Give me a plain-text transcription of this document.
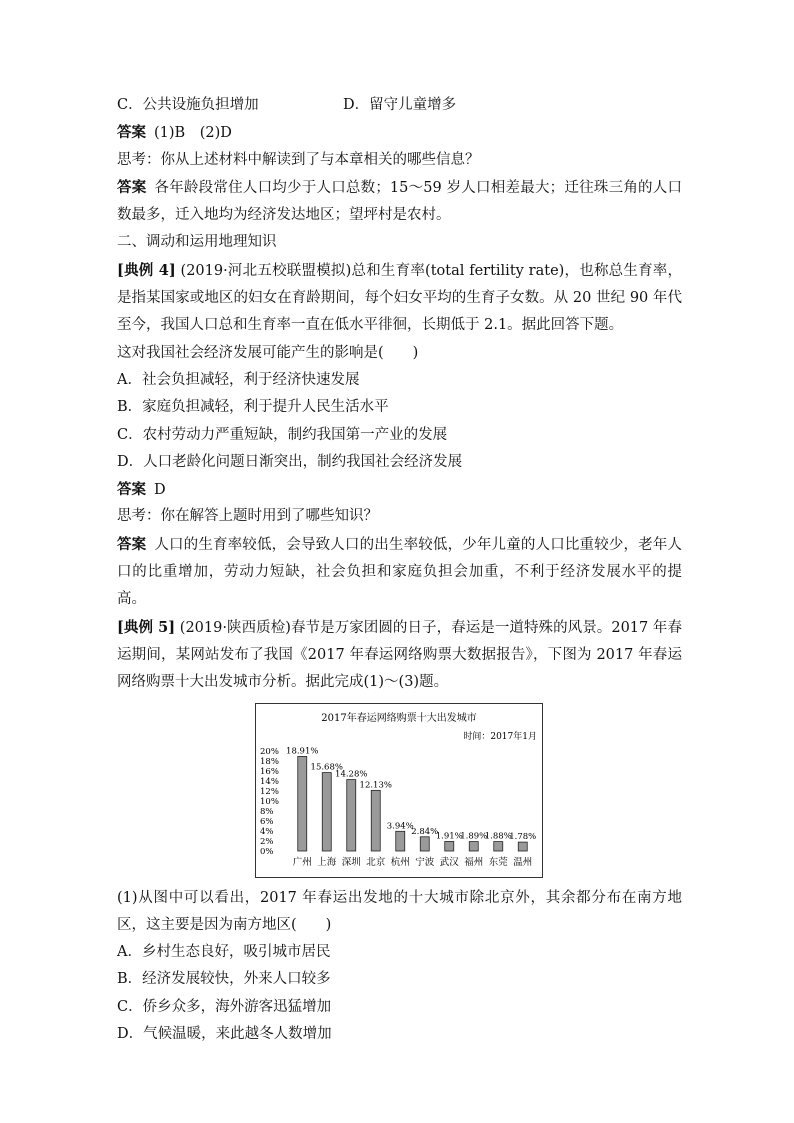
C．公共设施负担增加	D．留守儿童增多
答案 (1)B　(2)D
思考：你从上述材料中解读到了与本章相关的哪些信息？
答案 各年龄段常住人口均少于人口总数；15～59 岁人口相差最大；迁往珠三角的人口数最多，迁入地均为经济发达地区；望坪村是农村。
二、调动和运用地理知识
[典例 4] (2019·河北五校联盟模拟)总和生育率(total fertility rate)，也称总生育率，是指某国家或地区的妇女在育龄期间，每个妇女平均的生育子女数。从 20 世纪 90 年代至今，我国人口总和生育率一直在低水平徘徊，长期低于 2.1。据此回答下题。
这对我国社会经济发展可能产生的影响是(　　)
A．社会负担减轻，利于经济快速发展
B．家庭负担减轻，利于提升人民生活水平
C．农村劳动力严重短缺，制约我国第一产业的发展
D．人口老龄化问题日渐突出，制约我国社会经济发展
答案 D
思考：你在解答上题时用到了哪些知识？
答案 人口的生育率较低，会导致人口的出生率较低，少年儿童的人口比重较少，老年人口的比重增加，劳动力短缺，社会负担和家庭负担会加重，不利于经济发展水平的提高。
[典例 5] (2019·陕西质检)春节是万家团圆的日子，春运是一道特殊的风景。2017 年春运期间，某网站发布了我国《2017 年春运网络购票大数据报告》，下图为 2017 年春运网络购票十大出发城市分析。据此完成(1)～(3)题。
2017年春运网络购票十大出发城市
时间：2017年1月
0%
2%
4%
6%
8%
10%
12%
14%
16%
18%
20% 18.91%
15.68%
14.28%
12.13%
3.94%
2.84%
1.91%
1.89%
1.88%
1.78%
广州 上海 深圳 北京 杭州 宁波 武汉 福州 东莞 温州
(1)从图中可以看出，2017 年春运出发地的十大城市除北京外，其余都分布在南方地区，这主要是因为南方地区(　　)
A．乡村生态良好，吸引城市居民
B．经济发展较快，外来人口较多
C．侨乡众多，海外游客迅猛增加
D．气候温暖，来此越冬人数增加
